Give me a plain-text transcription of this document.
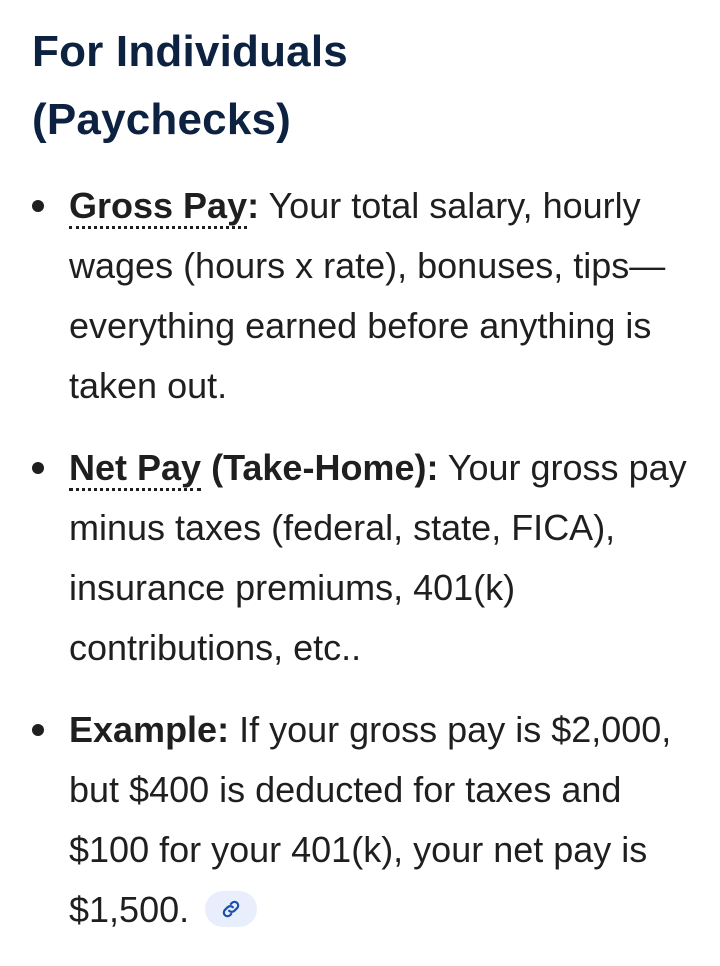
For Individuals
(Paychecks)
Gross Pay: Your total salary, hourly wages (hours x rate), bonuses, tips—everything earned before anything is taken out.
Net Pay (Take-Home): Your gross pay minus taxes (federal, state, FICA), insurance premiums, 401(k) contributions, etc..
Example: If your gross pay is $2,000, but $400 is deducted for taxes and $100 for your 401(k), your net pay is $1,500.
